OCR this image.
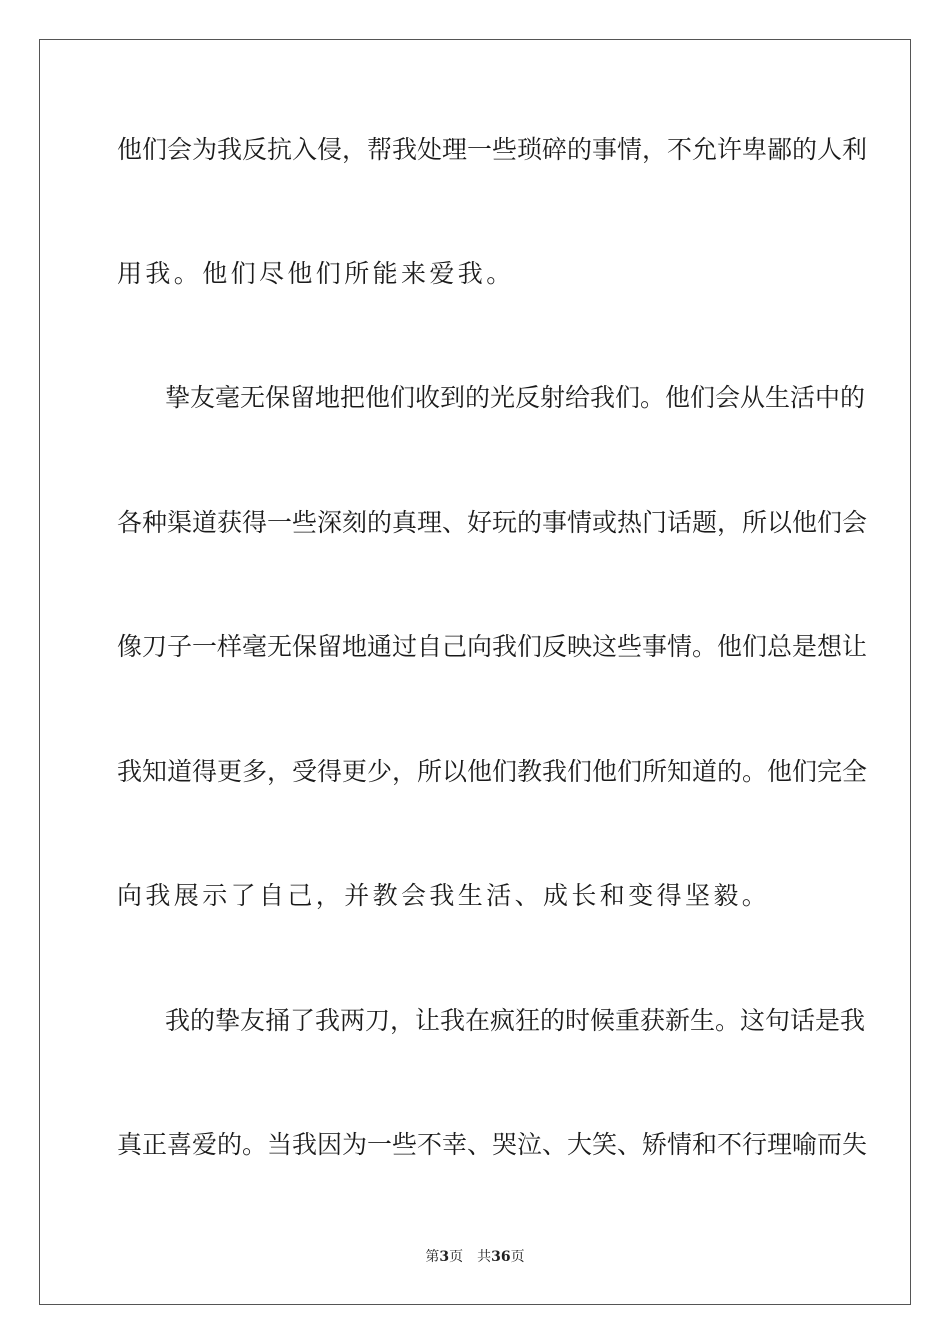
他们会为我反抗入侵，帮我处理一些琐碎的事情，不允许卑鄙的人利
用我。他们尽他们所能来爱我。
挚友毫无保留地把他们收到的光反射给我们。他们会从生活中的
各种渠道获得一些深刻的真理、好玩的事情或热门话题，所以他们会
像刀子一样毫无保留地通过自己向我们反映这些事情。他们总是想让
我知道得更多，受得更少，所以他们教我们他们所知道的。他们完全
向我展示了自己，并教会我生活、成长和变得坚毅。
我的挚友捅了我两刀，让我在疯狂的时候重获新生。这句话是我
真正喜爱的。当我因为一些不幸、哭泣、大笑、矫情和不行理喻而失
第3页 共36页
